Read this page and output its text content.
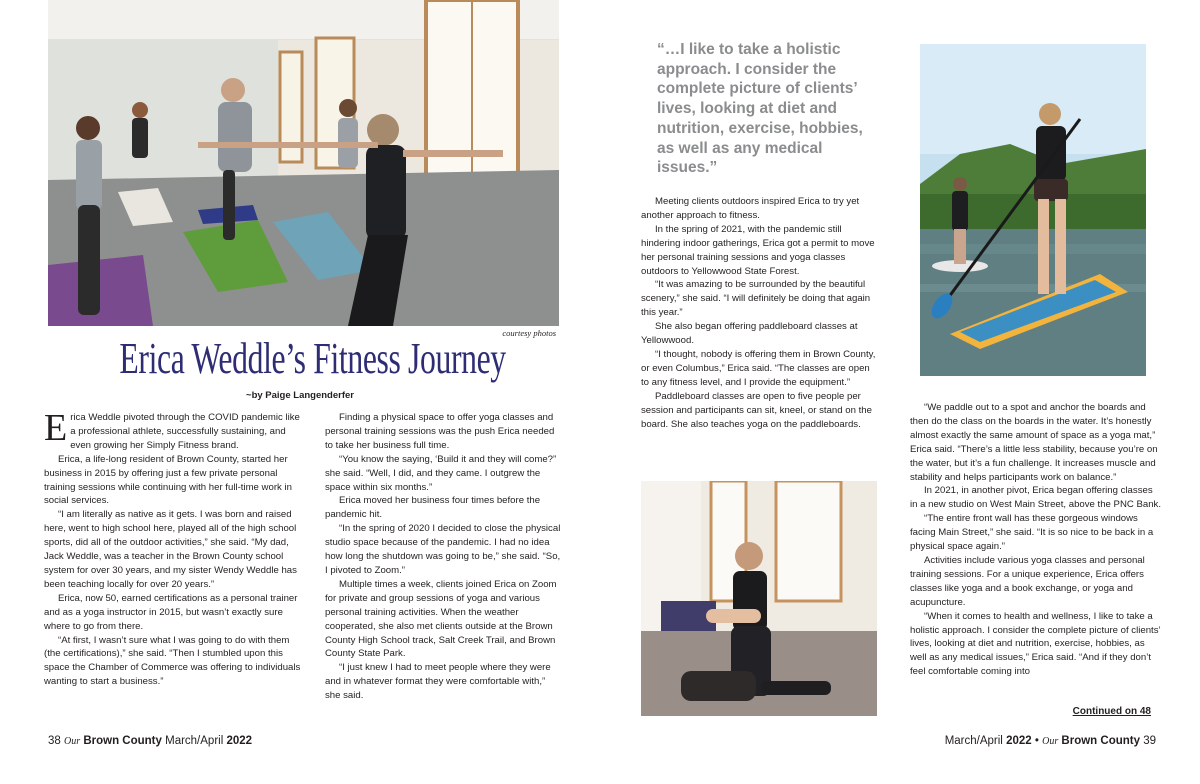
courtesy photos
Erica Weddle’s Fitness Journey
~by Paige Langenderfer

Erica Weddle pivoted through the COVID pandemic like a professional athlete, successfully sustaining, and even growing her Simply Fitness brand.

Erica, a life-long resident of Brown County, started her business in 2015 by offering just a few private personal training sessions while continuing with her full-time work in social services.

“I am literally as native as it gets. I was born and raised here, went to high school here, played all of the high school sports, did all of the outdoor activities,” she said. “My dad, Jack Weddle, was a teacher in the Brown County school system for over 30 years, and my sister Wendy Weddle has been teaching locally for over 20 years.”

Erica, now 50, earned certifications as a personal trainer and as a yoga instructor in 2015, but wasn’t exactly sure where to go from there.

“At first, I wasn’t sure what I was going to do with them (the certifications),” she said. “Then I stumbled upon this space the Chamber of Commerce was offering to individuals wanting to start a business.”

Finding a physical space to offer yoga classes and personal training sessions was the push Erica needed to take her business full time.

“You know the saying, ‘Build it and they will come?” she said. “Well, I did, and they came. I outgrew the space within six months.”

Erica moved her business four times before the pandemic hit.

“In the spring of 2020 I decided to close the physical studio space because of the pandemic. I had no idea how long the shutdown was going to be,” she said. “So, I pivoted to Zoom.”

Multiple times a week, clients joined Erica on Zoom for private and group sessions of yoga and various personal training activities. When the weather cooperated, she also met clients outside at the Brown County High School track, Salt Creek Trail, and Brown County State Park.

“I just knew I had to meet people where they were and in whatever format they were comfortable with,” she said.

38 Our Brown County March/April 2022
“…I like to take a holistic approach. I consider the complete picture of clients’ lives, looking at diet and nutrition, exercise, hobbies, as well as any medical issues.”

Meeting clients outdoors inspired Erica to try yet another approach to fitness.

In the spring of 2021, with the pandemic still hindering indoor gatherings, Erica got a permit to move her personal training sessions and yoga classes outdoors to Yellowwood State Forest.

“It was amazing to be surrounded by the beautiful scenery,” she said. “I will definitely be doing that again this year.”

She also began offering paddleboard classes at Yellowwood.

“I thought, nobody is offering them in Brown County, or even Columbus,” Erica said. “The classes are open to any fitness level, and I provide the equipment.”

Paddleboard classes are open to five people per session and participants can sit, kneel, or stand on the board. She also teaches yoga on the paddleboards.

“We paddle out to a spot and anchor the boards and then do the class on the boards in the water. It’s honestly almost exactly the same amount of space as a yoga mat,” Erica said. “There’s a little less stability, because you’re on the water, but it’s a fun challenge. It increases muscle and stability and helps participants work on balance.”

In 2021, in another pivot, Erica began offering classes in a new studio on West Main Street, above the PNC Bank.

“The entire front wall has these gorgeous windows facing Main Street,” she said. “It is so nice to be back in a physical space again.”

Activities include various yoga classes and personal training sessions. For a unique experience, Erica offers classes like yoga and a book exchange, or yoga and acupuncture.

“When it comes to health and wellness, I like to take a holistic approach. I consider the complete picture of clients’ lives, looking at diet and nutrition, exercise, hobbies, as well as any medical issues,” Erica said. “And if they don’t feel comfortable coming into

Continued on 48
March/April 2022 • Our Brown County 39
